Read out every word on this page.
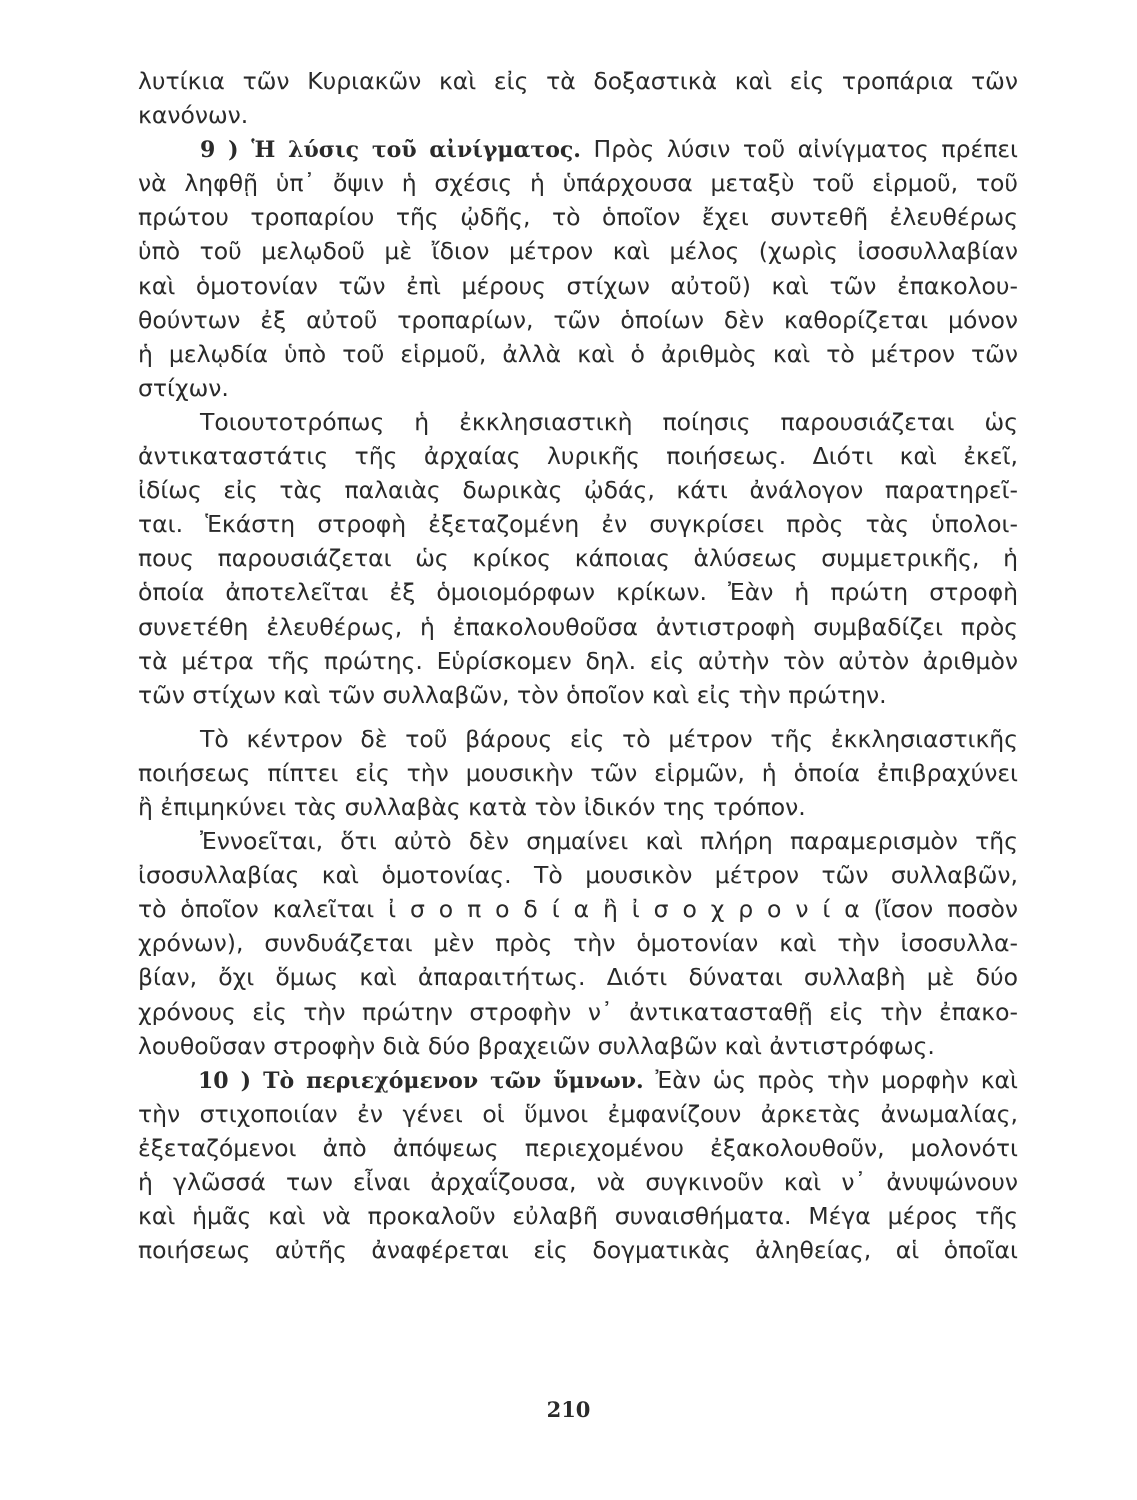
λυτίκια τῶν Κυριακῶν καὶ εἰς τὰ δοξαστικὰ καὶ εἰς τροπάρια τῶν
κανόνων.
9 ) Ἡ λύσις τοῦ αἰνίγματος. Πρὸς λύσιν τοῦ αἰνίγματος πρέπει
νὰ ληφθῇ ὑπ᾽ ὄψιν ἡ σχέσις ἡ ὑπάρχουσα μεταξὺ τοῦ εἱρμοῦ, τοῦ
πρώτου τροπαρίου τῆς ᾠδῆς, τὸ ὁποῖον ἔχει συντεθῆ ἐλευθέρως
ὑπὸ τοῦ μελῳδοῦ μὲ ἴδιον μέτρον καὶ μέλος (χωρὶς ἰσοσυλλαβίαν
καὶ ὁμοτονίαν τῶν ἐπὶ μέρους στίχων αὐτοῦ) καὶ τῶν ἐπακολου-
θούντων ἐξ αὐτοῦ τροπαρίων, τῶν ὁποίων δὲν καθορίζεται μόνον
ἡ μελῳδία ὑπὸ τοῦ εἱρμοῦ, ἀλλὰ καὶ ὁ ἀριθμὸς καὶ τὸ μέτρον τῶν
στίχων.
Τοιουτοτρόπως ἡ ἐκκλησιαστικὴ ποίησις παρουσιάζεται ὡς
ἀντικαταστάτις τῆς ἀρχαίας λυρικῆς ποιήσεως. Διότι καὶ ἐκεῖ,
ἰδίως εἰς τὰς παλαιὰς δωρικὰς ᾠδάς, κάτι ἀνάλογον παρατηρεῖ-
ται. Ἑκάστη στροφὴ ἐξεταζομένη ἐν συγκρίσει πρὸς τὰς ὑπολοι-
πους παρουσιάζεται ὡς κρίκος κάποιας ἁλύσεως συμμετρικῆς, ἡ
ὁποία ἀποτελεῖται ἐξ ὁμοιομόρφων κρίκων. Ἐὰν ἡ πρώτη στροφὴ
συνετέθη ἐλευθέρως, ἡ ἐπακολουθοῦσα ἀντιστροφὴ συμβαδίζει πρὸς
τὰ μέτρα τῆς πρώτης. Εὑρίσκομεν δηλ. εἰς αὐτὴν τὸν αὐτὸν ἀριθμὸν
τῶν στίχων καὶ τῶν συλλαβῶν, τὸν ὁποῖον καὶ εἰς τὴν πρώτην.
Τὸ κέντρον δὲ τοῦ βάρους εἰς τὸ μέτρον τῆς ἐκκλησιαστικῆς
ποιήσεως πίπτει εἰς τὴν μουσικὴν τῶν εἱρμῶν, ἡ ὁποία ἐπιβραχύνει
ἢ ἐπιμηκύνει τὰς συλλαβὰς κατὰ τὸν ἰδικόν της τρόπον.
Ἐννοεῖται, ὅτι αὐτὸ δὲν σημαίνει καὶ πλήρη παραμερισμὸν τῆς
ἰσοσυλλαβίας καὶ ὁμοτονίας. Τὸ μουσικὸν μέτρον τῶν συλλαβῶν,
τὸ ὁποῖον καλεῖται ἰ σ ο π ο δ ί α ἢ ἰ σ ο χ ρ ο ν ί α (ἴσον ποσὸν
χρόνων), συνδυάζεται μὲν πρὸς τὴν ὁμοτονίαν καὶ τὴν ἰσοσυλλα-
βίαν, ὄχι ὅμως καὶ ἀπαραιτήτως. Διότι δύναται συλλαβὴ μὲ δύο
χρόνους εἰς τὴν πρώτην στροφὴν ν᾽ ἀντικατασταθῇ εἰς τὴν ἐπακο-
λουθοῦσαν στροφὴν διὰ δύο βραχειῶν συλλαβῶν καὶ ἀντιστρόφως.
10 ) Τὸ περιεχόμενον τῶν ὕμνων. Ἐὰν ὡς πρὸς τὴν μορφὴν καὶ
τὴν στιχοποιίαν ἐν γένει οἱ ὕμνοι ἐμφανίζουν ἀρκετὰς ἀνωμαλίας,
ἐξεταζόμενοι ἀπὸ ἀπόψεως περιεχομένου ἐξακολουθοῦν, μολονότι
ἡ γλῶσσά των εἶναι ἀρχαΐζουσα, νὰ συγκινοῦν καὶ ν᾽ ἀνυψώνουν
καὶ ἡμᾶς καὶ νὰ προκαλοῦν εὐλαβῆ συναισθήματα. Μέγα μέρος τῆς
ποιήσεως αὐτῆς ἀναφέρεται εἰς δογματικὰς ἀληθείας, αἱ ὁποῖαι
210
